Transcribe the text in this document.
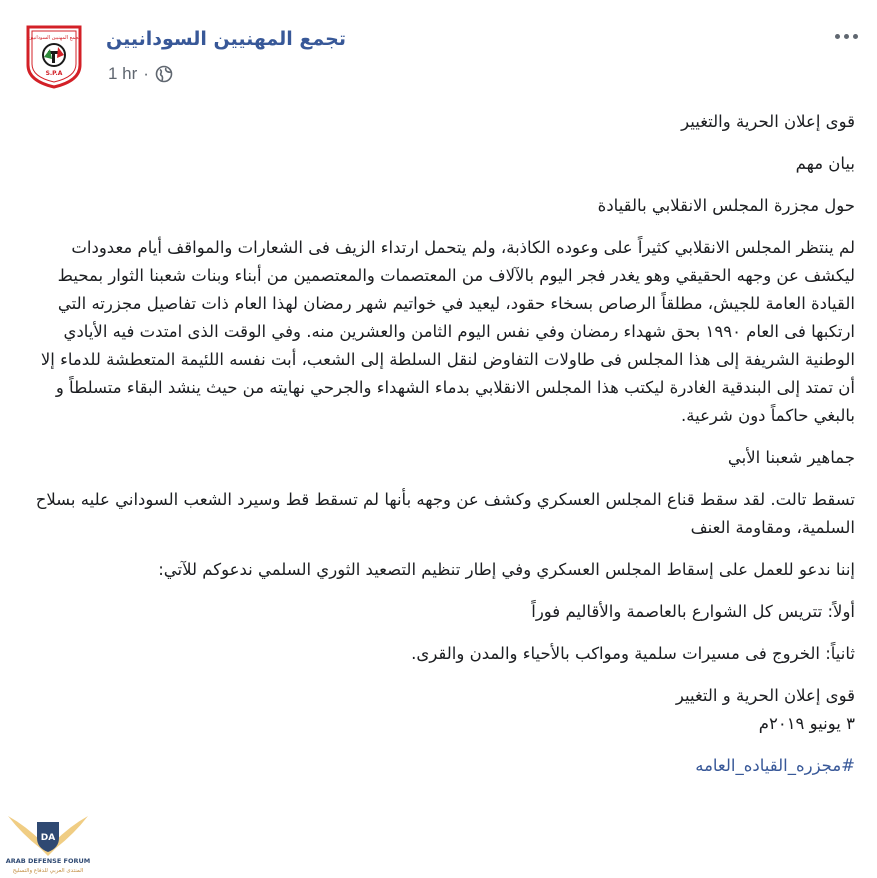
تجمع المهنيين السودانيين
S.P.A
تجمع المهنيين السودانيين
1 hr ·

قوى إعلان الحرية والتغيير

بيان مهم

حول مجزرة المجلس الانقلابي بالقيادة

لم ينتظر المجلس الانقلابي كثيراً على وعوده الكاذبة، ولم يتحمل ارتداء الزيف فى الشعارات والمواقف أيام معدودات ليكشف عن وجهه الحقيقي وهو يغدر فجر اليوم بالآلاف من المعتصمات والمعتصمين من أبناء وبنات شعبنا الثوار بمحيط القيادة العامة للجيش، مطلقاً الرصاص بسخاء حقود، ليعيد في خواتيم شهر رمضان لهذا العام ذات تفاصيل مجزرته التي ارتكبها فى العام ١٩٩٠ بحق شهداء رمضان وفي نفس اليوم الثامن والعشرين منه. وفي الوقت الذى امتدت فيه الأيادي الوطنية الشريفة إلى هذا المجلس فى طاولات التفاوض لنقل السلطة إلى الشعب، أبت نفسه اللئيمة المتعطشة للدماء إلا أن تمتد إلى البندقية الغادرة ليكتب هذا المجلس الانقلابي بدماء الشهداء والجرحي نهايته من حيث ينشد البقاء متسلطاً و بالبغي حاكماً دون شرعية.

جماهير شعبنا الأبي

تسقط تالت. لقد سقط قناع المجلس العسكري وكشف عن وجهه بأنها لم تسقط قط وسيرد الشعب السوداني عليه بسلاح السلمية، ومقاومة العنف

إننا ندعو للعمل على إسقاط المجلس العسكري وفي إطار تنظيم التصعيد الثوري السلمي ندعوكم للآتي:

أولاً: تتريس كل الشوارع بالعاصمة والأقاليم فوراً

ثانياً: الخروج فى مسيرات سلمية ومواكب بالأحياء والمدن والقرى.

قوى إعلان الحرية و التغيير

٣ يونيو ٢٠١٩م

#مجزره_القياده_العامه

DA
ARAB DEFENSE FORUM
المنتدى العربي للدفاع والتسليح
